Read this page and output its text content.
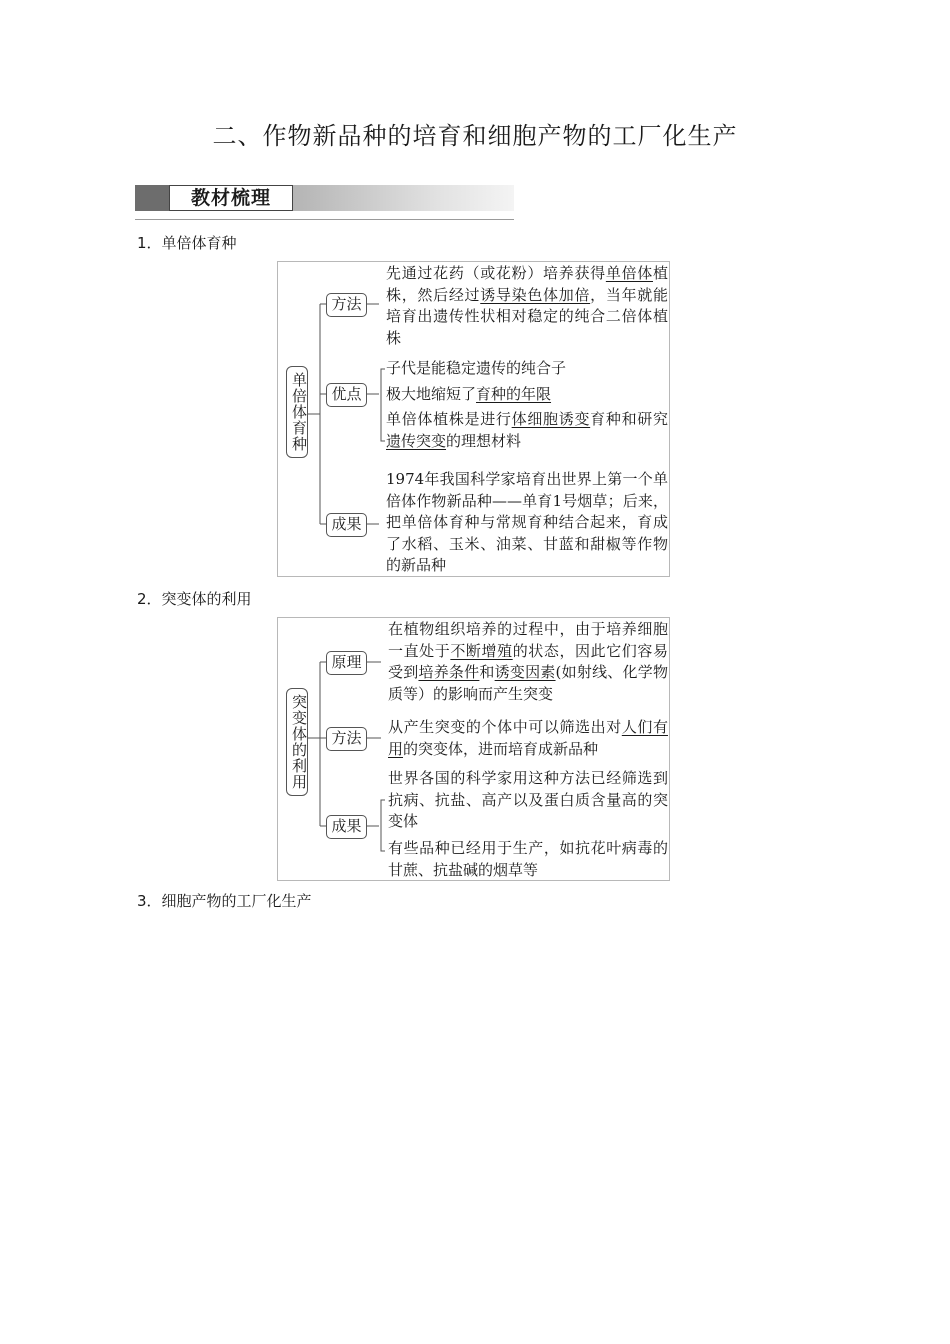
二、作物新品种的培育和细胞产物的工厂化生产
教材梳理
1．单倍体育种
单倍体育种
方法
优点
成果
先通过花药（或花粉）培养获得单倍体植株，然后经过诱导染色体加倍，当年就能培育出遗传性状相对稳定的纯合二倍体植株
子代是能稳定遗传的纯合子
极大地缩短了育种的年限
单倍体植株是进行体细胞诱变育种和研究遗传突变的理想材料
1974年我国科学家培育出世界上第一个单倍体作物新品种——单育1号烟草；后来，把单倍体育种与常规育种结合起来，育成了水稻、玉米、油菜、甘蓝和甜椒等作物的新品种
2．突变体的利用
突变体的利用
原理
方法
成果
在植物组织培养的过程中，由于培养细胞一直处于不断增殖的状态，因此它们容易受到培养条件和诱变因素(如射线、化学物质等）的影响而产生突变
从产生突变的个体中可以筛选出对人们有用的突变体，进而培育成新品种
世界各国的科学家用这种方法已经筛选到抗病、抗盐、高产以及蛋白质含量高的突变体
有些品种已经用于生产，如抗花叶病毒的甘蔗、抗盐碱的烟草等
3．细胞产物的工厂化生产
